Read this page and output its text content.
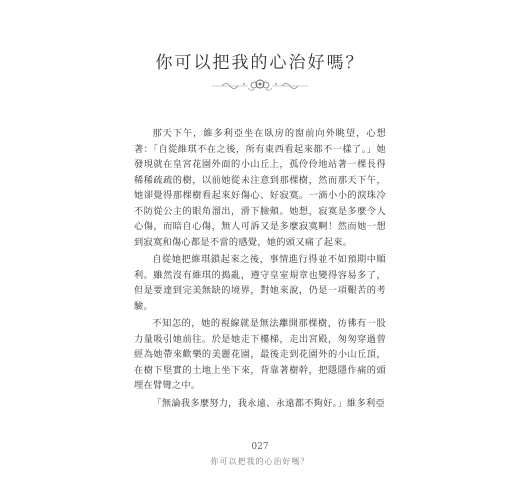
你可以把我的心治好嗎？

那天下午，維多利亞坐在臥房的窗前向外眺望，心想著：「自從維琪不在之後，所有東西看起來都不一樣了。」她發現就在皇宮花園外面的小山丘上，孤伶伶地站著一棵長得稀稀疏疏的樹，以前她從未注意到那棵樹，然而那天下午，她卻覺得那棵樹看起來好傷心、好寂寞。一滴小小的淚珠冷不防從公主的眼角溜出，滑下臉頰。她想，寂寞是多麼令人心傷，而暗自心傷，無人可訴又是多麼寂寞啊！然而她一想到寂寞和傷心都是不當的感覺，她的頭又痛了起來。

自從她把維琪鎖起來之後，事情進行得並不如預期中順利。雖然沒有維琪的搗亂，遵守皇室規章也變得容易多了，但是要達到完美無缺的境界，對她來說，仍是一項艱苦的考驗。

不知怎的，她的視線就是無法離開那棵樹，彷彿有一股力量吸引她前往。於是她走下樓梯，走出宮殿，匆匆穿過曾經為她帶來歡樂的美麗花園，最後走到花園外的小山丘頂，在樹下堅實的土地上坐下來，背靠著樹幹，把隱隱作痛的頭埋在臂彎之中。

「無論我多麼努力，我永遠、永遠都不夠好。」維多利亞

027
你可以把我的心治好嗎？
